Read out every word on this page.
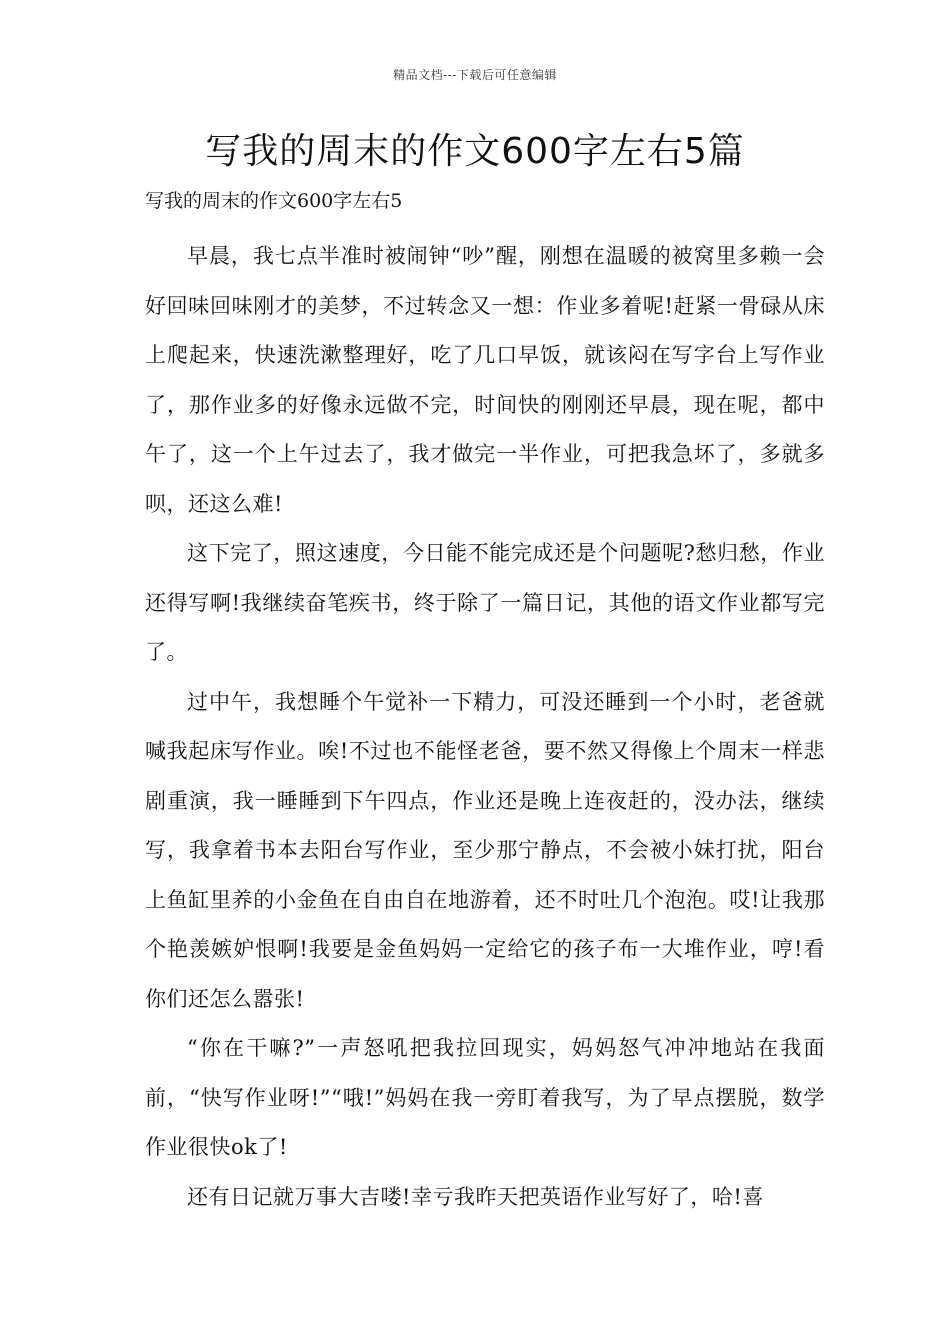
精品文档---下载后可任意编辑
写我的周末的作文600字左右5篇

写我的周末的作文600字左右5

早晨，我七点半准时被闹钟“吵”醒，刚想在温暖的被窝里多赖一会好回味回味刚才的美梦，不过转念又一想：作业多着呢!赶紧一骨碌从床上爬起来，快速洗漱整理好，吃了几口早饭，就该闷在写字台上写作业了，那作业多的好像永远做不完，时间快的刚刚还早晨，现在呢，都中午了，这一个上午过去了，我才做完一半作业，可把我急坏了，多就多呗，还这么难!

这下完了，照这速度，今日能不能完成还是个问题呢?愁归愁，作业还得写啊!我继续奋笔疾书，终于除了一篇日记，其他的语文作业都写完了。

过中午，我想睡个午觉补一下精力，可没还睡到一个小时，老爸就喊我起床写作业。唉!不过也不能怪老爸，要不然又得像上个周末一样悲剧重演，我一睡睡到下午四点，作业还是晚上连夜赶的，没办法，继续写，我拿着书本去阳台写作业，至少那宁静点，不会被小妹打扰，阳台上鱼缸里养的小金鱼在自由自在地游着，还不时吐几个泡泡。哎!让我那个艳羡嫉妒恨啊!我要是金鱼妈妈一定给它的孩子布一大堆作业，哼!看你们还怎么嚣张!

“你在干嘛?”一声怒吼把我拉回现实，妈妈怒气冲冲地站在我面前，“快写作业呀!”“哦!”妈妈在我一旁盯着我写，为了早点摆脱，数学作业很快ok了!

还有日记就万事大吉喽!幸亏我昨天把英语作业写好了，哈!喜
